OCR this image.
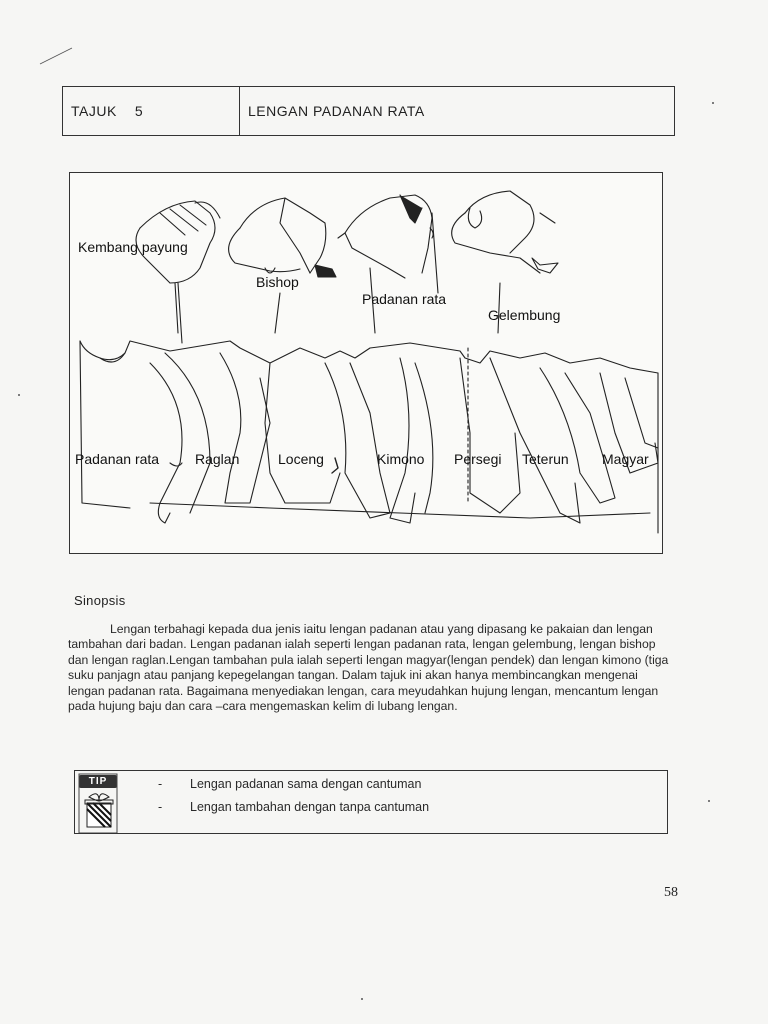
TAJUK 5	LENGAN PADANAN RATA
Kembang payung
Bishop
Padanan rata
Gelembung
Padanan rata	Raglan	Loceng	Kimono Persegi Teterun Magyar
Sinopsis

Lengan terbahagi kepada dua jenis iaitu lengan padanan atau yang dipasang ke pakaian dan lengan tambahan dari badan. Lengan padanan ialah seperti lengan padanan rata, lengan gelembung, lengan bishop dan lengan raglan.Lengan tambahan pula ialah seperti lengan magyar(lengan pendek) dan lengan kimono (tiga suku panjagn atau panjang kepegelangan tangan. Dalam tajuk ini akan hanya membincangkan mengenai lengan padanan rata. Bagaimana menyediakan lengan, cara meyudahkan hujung lengan, mencantum lengan pada hujung baju dan cara –cara mengemaskan kelim di lubang lengan.

TIP	- Lengan padanan sama dengan cantuman
- Lengan tambahan dengan tanpa cantuman
58
